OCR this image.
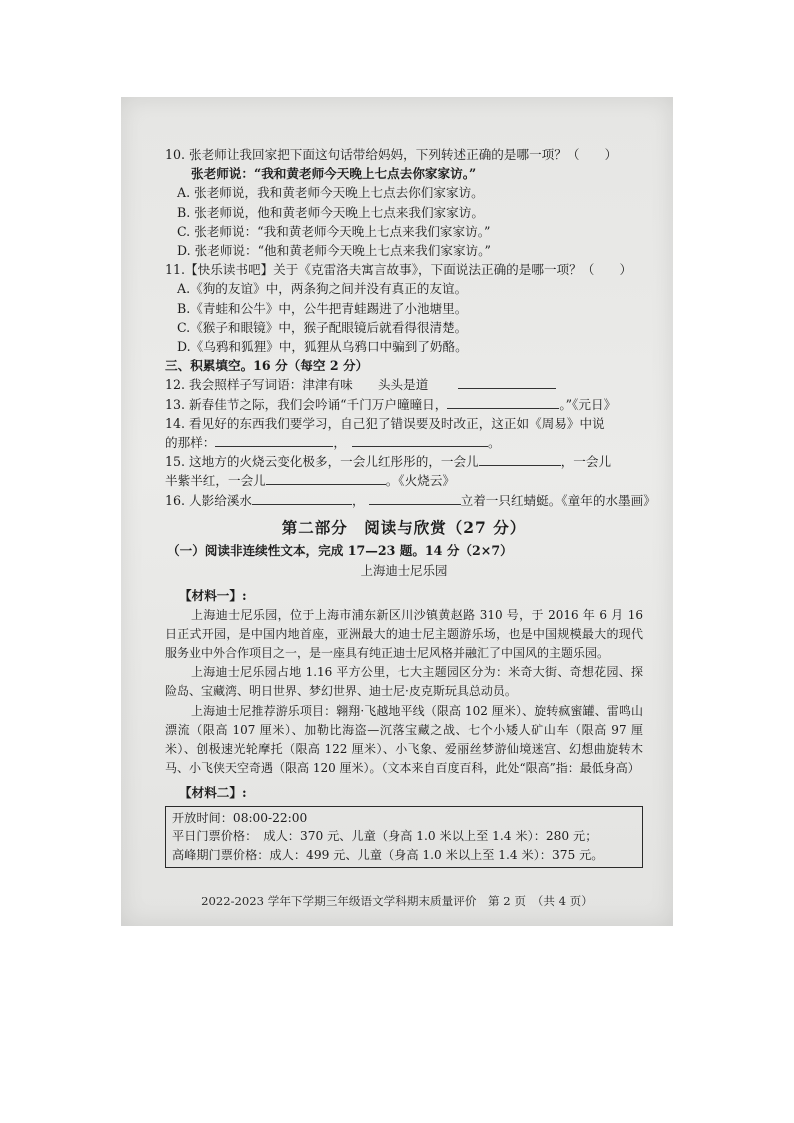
10. 张老师让我回家把下面这句话带给妈妈，下列转述正确的是哪一项？（　　）
张老师说：“我和黄老师今天晚上七点去你家家访。”
A. 张老师说，我和黄老师今天晚上七点去你们家家访。
B. 张老师说，他和黄老师今天晚上七点来我们家家访。
C. 张老师说：“我和黄老师今天晚上七点来我们家家访。”
D. 张老师说：“他和黄老师今天晚上七点来我们家家访。”
11.【快乐读书吧】关于《克雷洛夫寓言故事》，下面说法正确的是哪一项？（　　）
A.《狗的友谊》中，两条狗之间并没有真正的友谊。
B.《青蛙和公牛》中，公牛把青蛙踢进了小池塘里。
C.《猴子和眼镜》中，猴子配眼镜后就看得很清楚。
D.《乌鸦和狐狸》中，狐狸从乌鸦口中骗到了奶酪。
三、积累填空。16 分（每空 2 分）
12. 我会照样子写词语：津津有味　　头头是道
13. 新春佳节之际，我们会吟诵“千门万户曈曈日，	。”《元日》
14. 看见好的东西我们要学习，自己犯了错误要及时改正，这正如《周易》中说
的那样：	，	。
15. 这地方的火烧云变化极多，一会儿红彤彤的，一会儿	，一会儿
半紫半红，一会儿	。《火烧云》
16. 人影给溪水	，	立着一只红蜻蜓。《童年的水墨画》
第二部分　阅读与欣赏（27 分）
（一）阅读非连续性文本，完成 17—23 题。14 分（2×7）
上海迪士尼乐园
【材料一】:
上海迪士尼乐园，位于上海市浦东新区川沙镇黄赵路 310 号，于 2016 年 6 月 16 日正式开园，是中国内地首座，亚洲最大的迪士尼主题游乐场，也是中国规模最大的现代服务业中外合作项目之一，是一座具有纯正迪士尼风格并融汇了中国风的主题乐园。
上海迪士尼乐园占地 1.16 平方公里，七大主题园区分为：米奇大街、奇想花园、探险岛、宝藏湾、明日世界、梦幻世界、迪士尼·皮克斯玩具总动员。
上海迪士尼推荐游乐项目：翱翔·飞越地平线（限高 102 厘米）、旋转疯蜜罐、雷鸣山漂流（限高 107 厘米）、加勒比海盗—沉落宝藏之战、七个小矮人矿山车（限高 97 厘米）、创极速光轮摩托（限高 122 厘米）、小飞象、爱丽丝梦游仙境迷宫、幻想曲旋转木马、小飞侠天空奇遇（限高 120 厘米）。（文本来自百度百科，此处“限高”指：最低身高）
【材料二】:
开放时间：08:00-22:00
平日门票价格：　成人：370 元、儿童（身高 1.0 米以上至 1.4 米）：280 元；
高峰期门票价格：成人：499 元、儿童（身高 1.0 米以上至 1.4 米）：375 元。
2022-2023 学年下学期三年级语文学科期末质量评价　第 2 页　（共 4 页）
